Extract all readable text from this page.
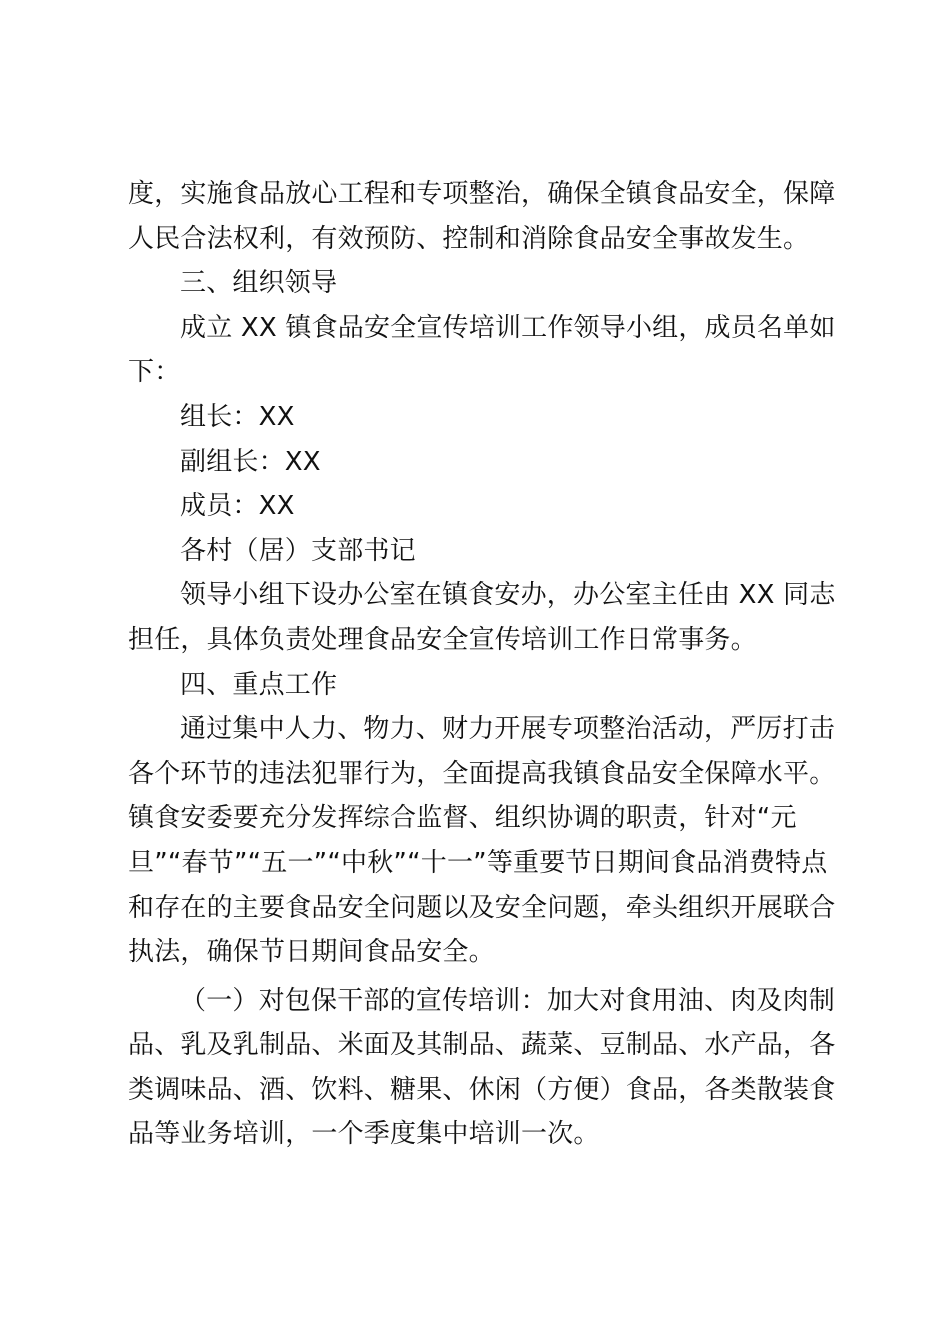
度，实施食品放心工程和专项整治，确保全镇食品安全，保障
人民合法权利，有效预防、控制和消除食品安全事故发生。
三、组织领导
成立 XX 镇食品安全宣传培训工作领导小组，成员名单如
下：
组长：XX
副组长：XX
成员：XX
各村（居）支部书记
领导小组下设办公室在镇食安办，办公室主任由 XX 同志
担任，具体负责处理食品安全宣传培训工作日常事务。
四、重点工作
通过集中人力、物力、财力开展专项整治活动，严厉打击
各个环节的违法犯罪行为，全面提高我镇食品安全保障水平。
镇食安委要充分发挥综合监督、组织协调的职责，针对“元
旦”“春节”“五一”“中秋”“十一”等重要节日期间食品消费特点
和存在的主要食品安全问题以及安全问题，牵头组织开展联合
执法，确保节日期间食品安全。
（一）对包保干部的宣传培训：加大对食用油、肉及肉制
品、乳及乳制品、米面及其制品、蔬菜、豆制品、水产品，各
类调味品、酒、饮料、糖果、休闲（方便）食品，各类散装食
品等业务培训，一个季度集中培训一次。
